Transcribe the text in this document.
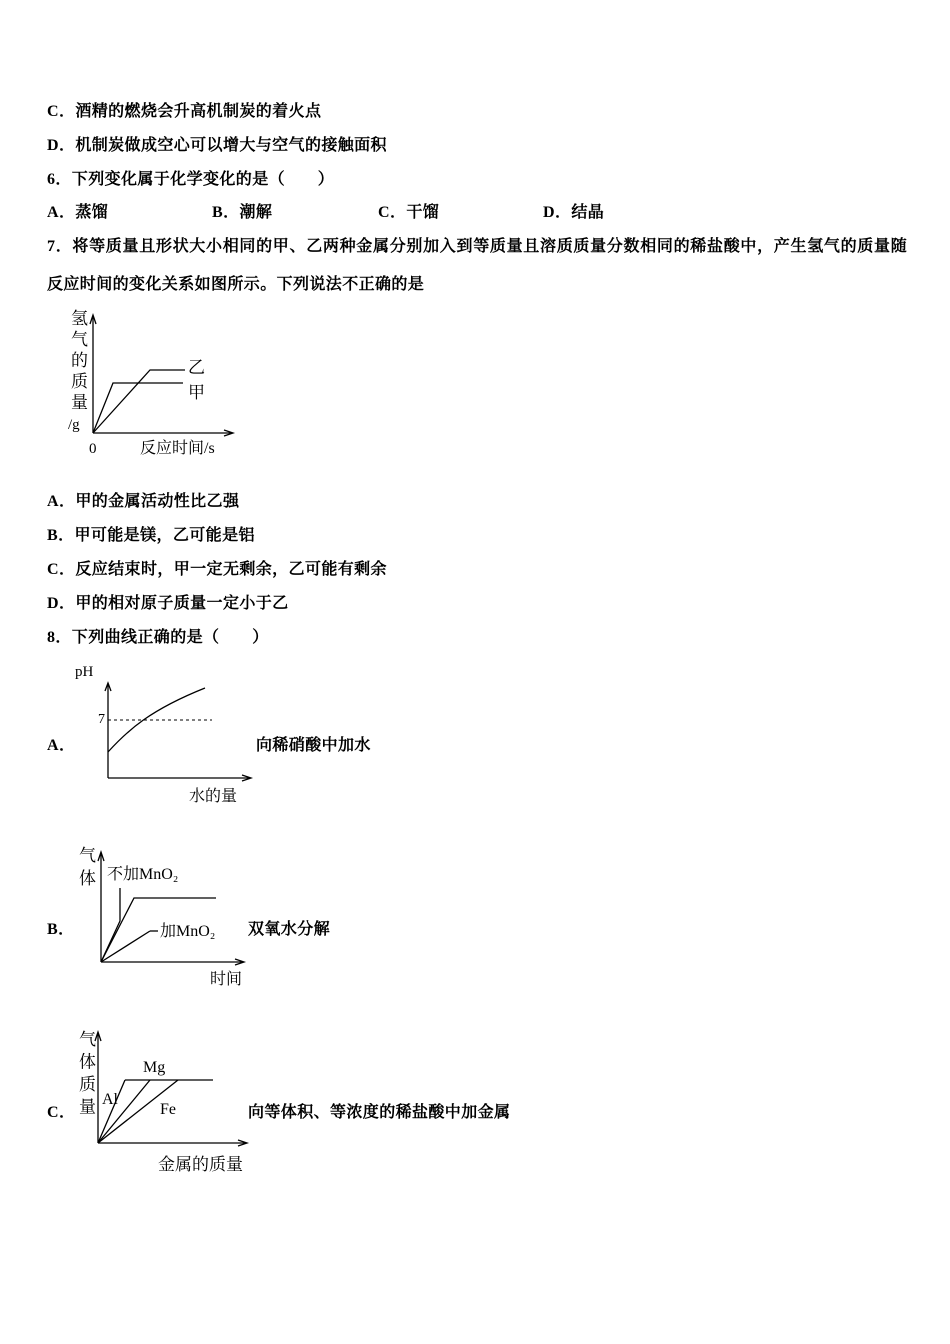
C．酒精的燃烧会升高机制炭的着火点
D．机制炭做成空心可以增大与空气的接触面积
6．下列变化属于化学变化的是（　　）
A．蒸馏	B．潮解	C．干馏	D．结晶
7．将等质量且形状大小相同的甲、乙两种金属分别加入到等质量且溶质质量分数相同的稀盐酸中，产生氢气的质量随
反应时间的变化关系如图所示。下列说法不正确的是
氢气的质量
/g
0	反应时间/s
乙
甲
A．甲的金属活动性比乙强
B．甲可能是镁，乙可能是铝
C．反应结束时，甲一定无剩余，乙可能有剩余
D．甲的相对原子质量一定小于乙
8．下列曲线正确的是（　　）
A．
pH
7
水的量
向稀硝酸中加水
B．
气体 不加MnO₂
加MnO₂
时间
双氧水分解
C． 气体质量	Mg
Al
Fe
金属的质量
向等体积、等浓度的稀盐酸中加金属
